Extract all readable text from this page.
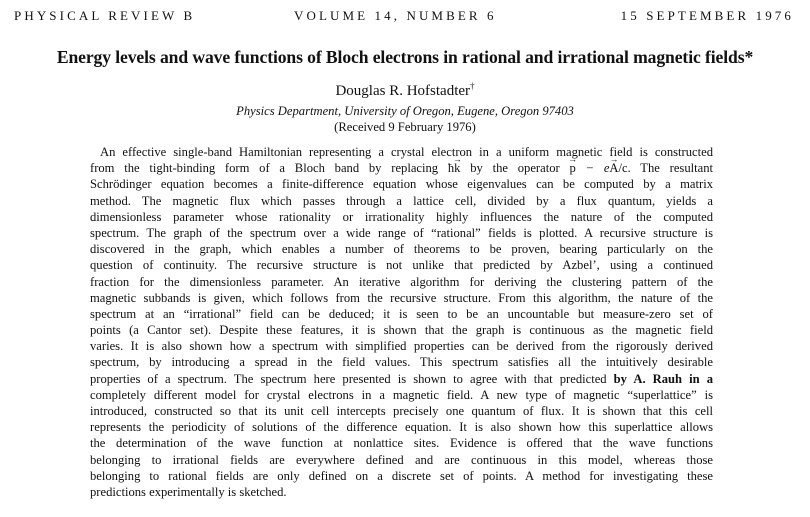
PHYSICAL REVIEW B	VOLUME 14, NUMBER 6	15 SEPTEMBER 1976
Energy levels and wave functions of Bloch electrons in rational and irrational magnetic fields*
Douglas R. Hofstadter†
Physics Department, University of Oregon, Eugene, Oregon 97403
(Received 9 February 1976)
An effective single-band Hamiltonian representing a crystal electron in a uniform magnetic field is constructed
from the tight-binding form of a Bloch band by replacing ħ→ k by the operator → p − e→ A/c. The resultant
Schrödinger equation becomes a finite-difference equation whose eigenvalues can be computed by a matrix
method. The magnetic flux which passes through a lattice cell, divided by a flux quantum, yields a
dimensionless parameter whose rationality or irrationality highly influences the nature of the computed
spectrum. The graph of the spectrum over a wide range of “rational” fields is plotted. A recursive structure is
discovered in the graph, which enables a number of theorems to be proven, bearing particularly on the
question of continuity. The recursive structure is not unlike that predicted by Azbel’, using a continued
fraction for the dimensionless parameter. An iterative algorithm for deriving the clustering pattern of the
magnetic subbands is given, which follows from the recursive structure. From this algorithm, the nature of the
spectrum at an “irrational” field can be deduced; it is seen to be an uncountable but measure-zero set of
points (a Cantor set). Despite these features, it is shown that the graph is continuous as the magnetic field
varies. It is also shown how a spectrum with simplified properties can be derived from the rigorously derived
spectrum, by introducing a spread in the field values. This spectrum satisfies all the intuitively desirable
properties of a spectrum. The spectrum here presented is shown to agree with that predicted by A. Rauh in a
completely different model for crystal electrons in a magnetic field. A new type of magnetic “superlattice” is
introduced, constructed so that its unit cell intercepts precisely one quantum of flux. It is shown that this cell
represents the periodicity of solutions of the difference equation. It is also shown how this superlattice allows
the determination of the wave function at nonlattice sites. Evidence is offered that the wave functions
belonging to irrational fields are everywhere defined and are continuous in this model, whereas those
belonging to rational fields are only defined on a discrete set of points. A method for investigating these
predictions experimentally is sketched.
